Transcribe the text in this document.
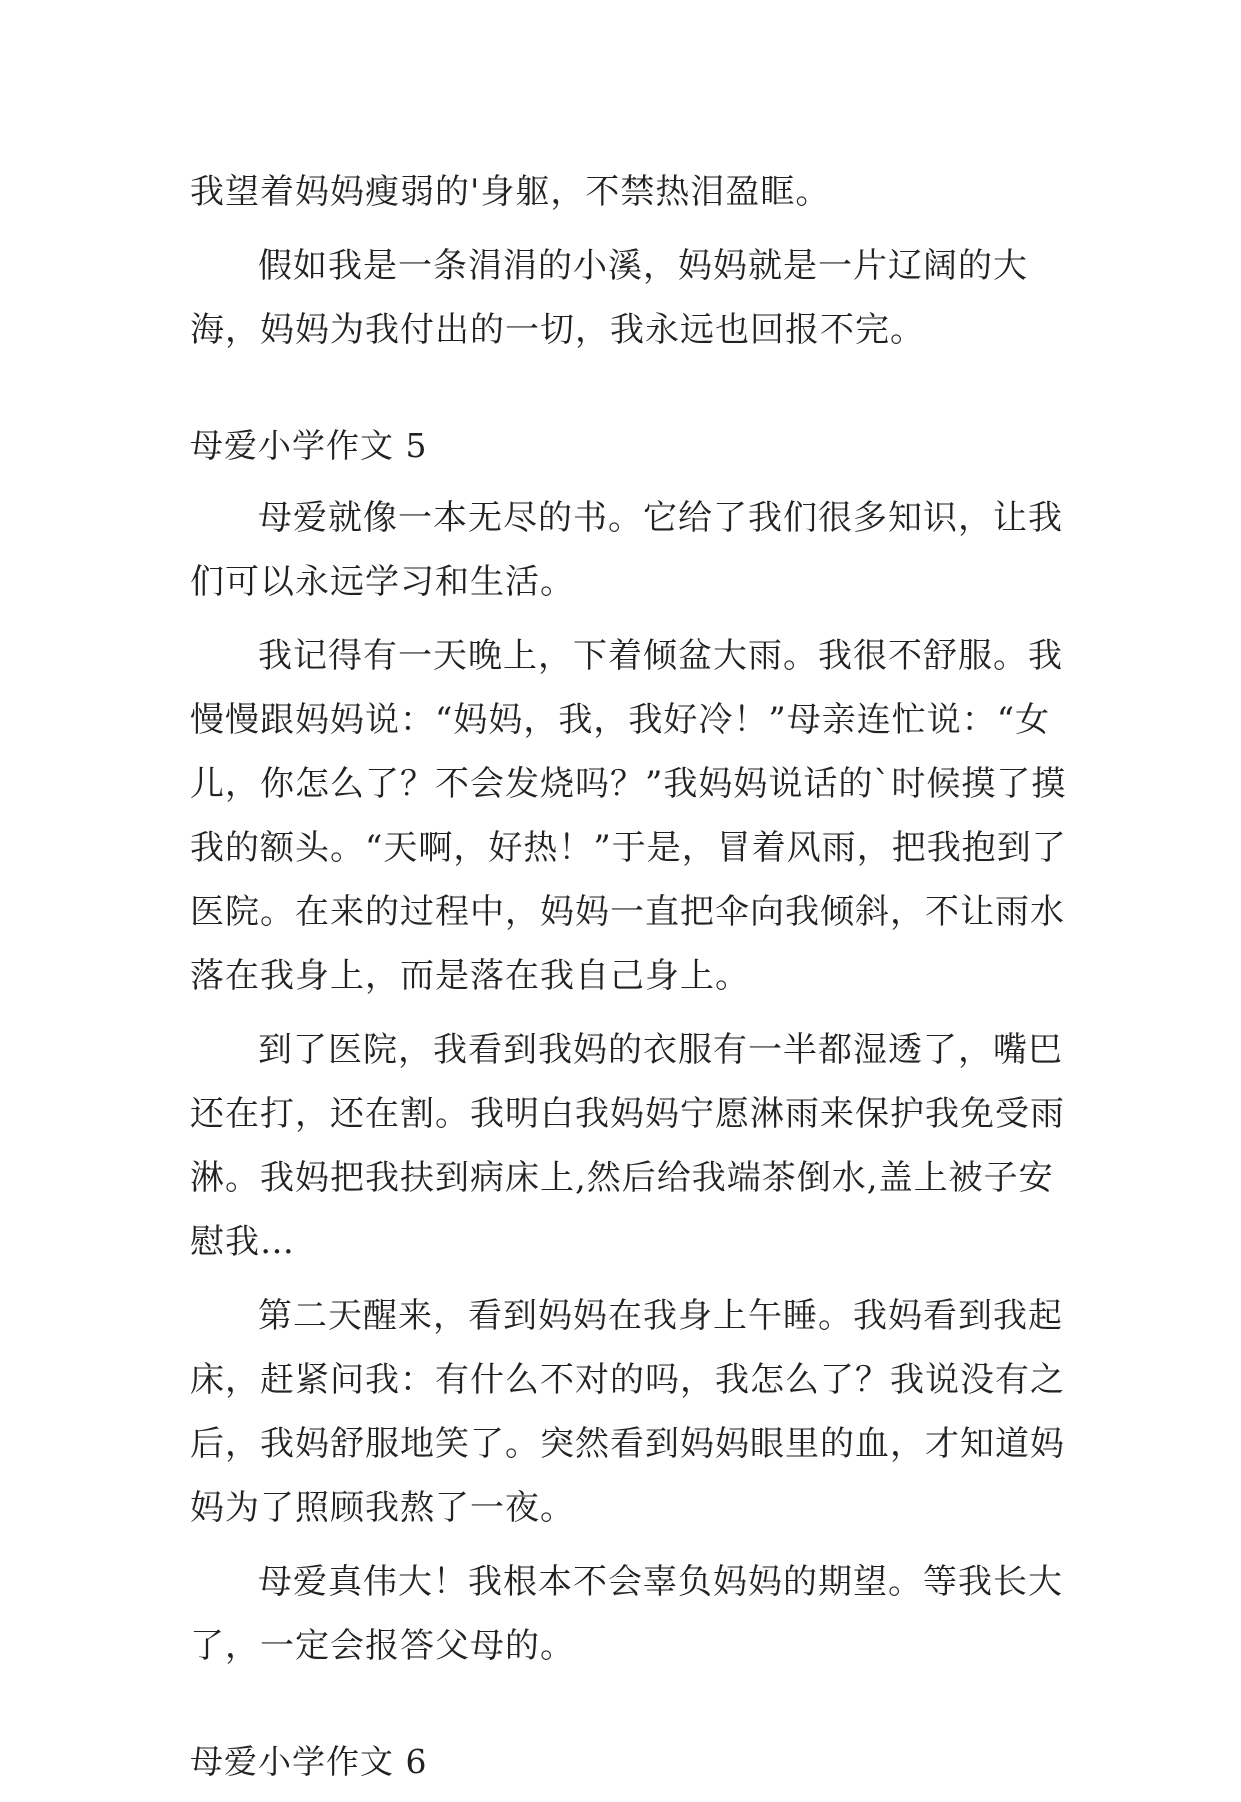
我望着妈妈瘦弱的'身躯，不禁热泪盈眶。

假如我是一条涓涓的小溪，妈妈就是一片辽阔的大海，妈妈为我付出的一切，我永远也回报不完。

母爱小学作文 5

母爱就像一本无尽的书。它给了我们很多知识，让我们可以永远学习和生活。

我记得有一天晚上，下着倾盆大雨。我很不舒服。我慢慢跟妈妈说：“妈妈，我，我好冷！”母亲连忙说：“女儿，你怎么了？不会发烧吗？”我妈妈说话的`时候摸了摸我的额头。“天啊，好热！”于是，冒着风雨，把我抱到了医院。在来的过程中，妈妈一直把伞向我倾斜，不让雨水落在我身上，而是落在我自己身上。

到了医院，我看到我妈的衣服有一半都湿透了，嘴巴还在打，还在割。我明白我妈妈宁愿淋雨来保护我免受雨淋。我妈把我扶到病床上,然后给我端茶倒水,盖上被子安慰我…

第二天醒来，看到妈妈在我身上午睡。我妈看到我起床，赶紧问我：有什么不对的吗，我怎么了？我说没有之后，我妈舒服地笑了。突然看到妈妈眼里的血，才知道妈妈为了照顾我熬了一夜。

母爱真伟大！我根本不会辜负妈妈的期望。等我长大了，一定会报答父母的。

母爱小学作文 6
